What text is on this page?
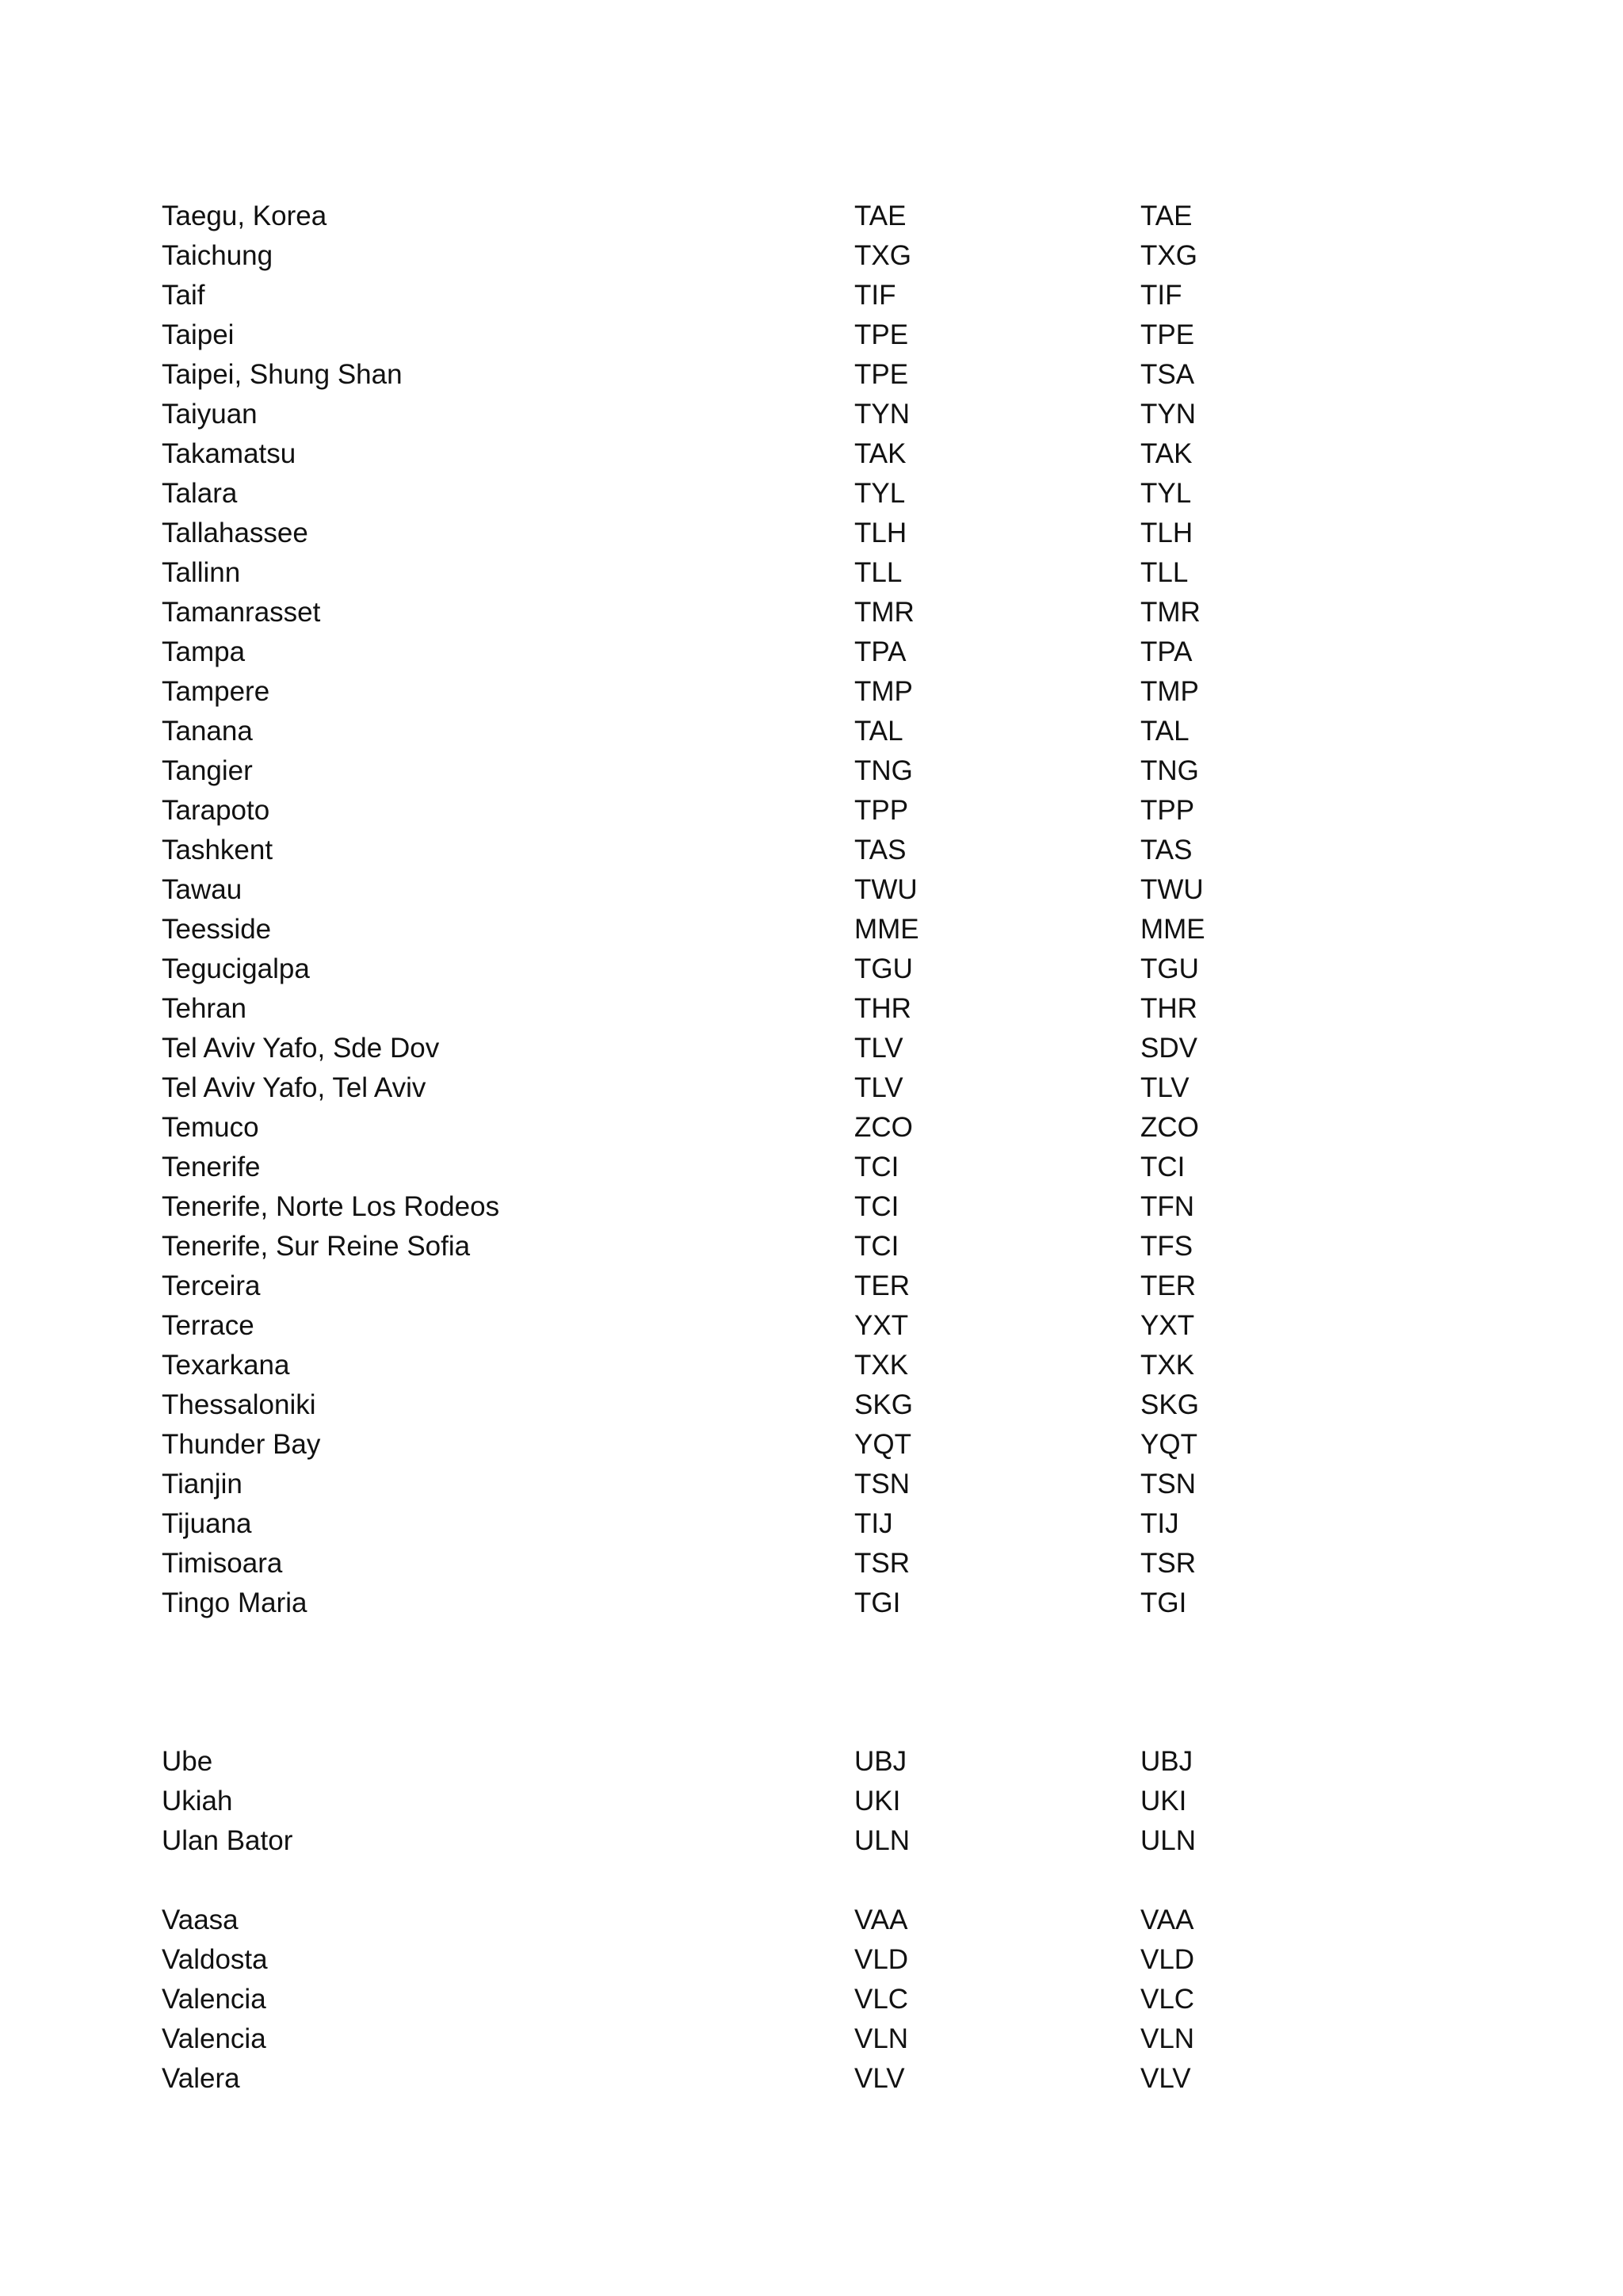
Taegu, Korea	TAE	TAE
Taichung	TXG	TXG
Taif	TIF	TIF
Taipei	TPE	TPE
Taipei, Shung Shan	TPE	TSA
Taiyuan	TYN	TYN
Takamatsu	TAK	TAK
Talara	TYL	TYL
Tallahassee	TLH	TLH
Tallinn	TLL	TLL
Tamanrasset	TMR	TMR
Tampa	TPA	TPA
Tampere	TMP	TMP
Tanana	TAL	TAL
Tangier	TNG	TNG
Tarapoto	TPP	TPP
Tashkent	TAS	TAS
Tawau	TWU	TWU
Teesside	MME	MME
Tegucigalpa	TGU	TGU
Tehran	THR	THR
Tel Aviv Yafo, Sde Dov	TLV	SDV
Tel Aviv Yafo, Tel Aviv	TLV	TLV
Temuco	ZCO	ZCO
Tenerife	TCI	TCI
Tenerife, Norte Los Rodeos	TCI	TFN
Tenerife, Sur Reine Sofia	TCI	TFS
Terceira	TER	TER
Terrace	YXT	YXT
Texarkana	TXK	TXK
Thessaloniki	SKG	SKG
Thunder Bay	YQT	YQT
Tianjin	TSN	TSN
Tijuana	TIJ	TIJ
Timisoara	TSR	TSR
Tingo Maria	TGI	TGI
Ube	UBJ	UBJ
Ukiah	UKI	UKI
Ulan Bator	ULN	ULN
Vaasa	VAA	VAA
Valdosta	VLD	VLD
Valencia	VLC	VLC
Valencia	VLN	VLN
Valera	VLV	VLV
